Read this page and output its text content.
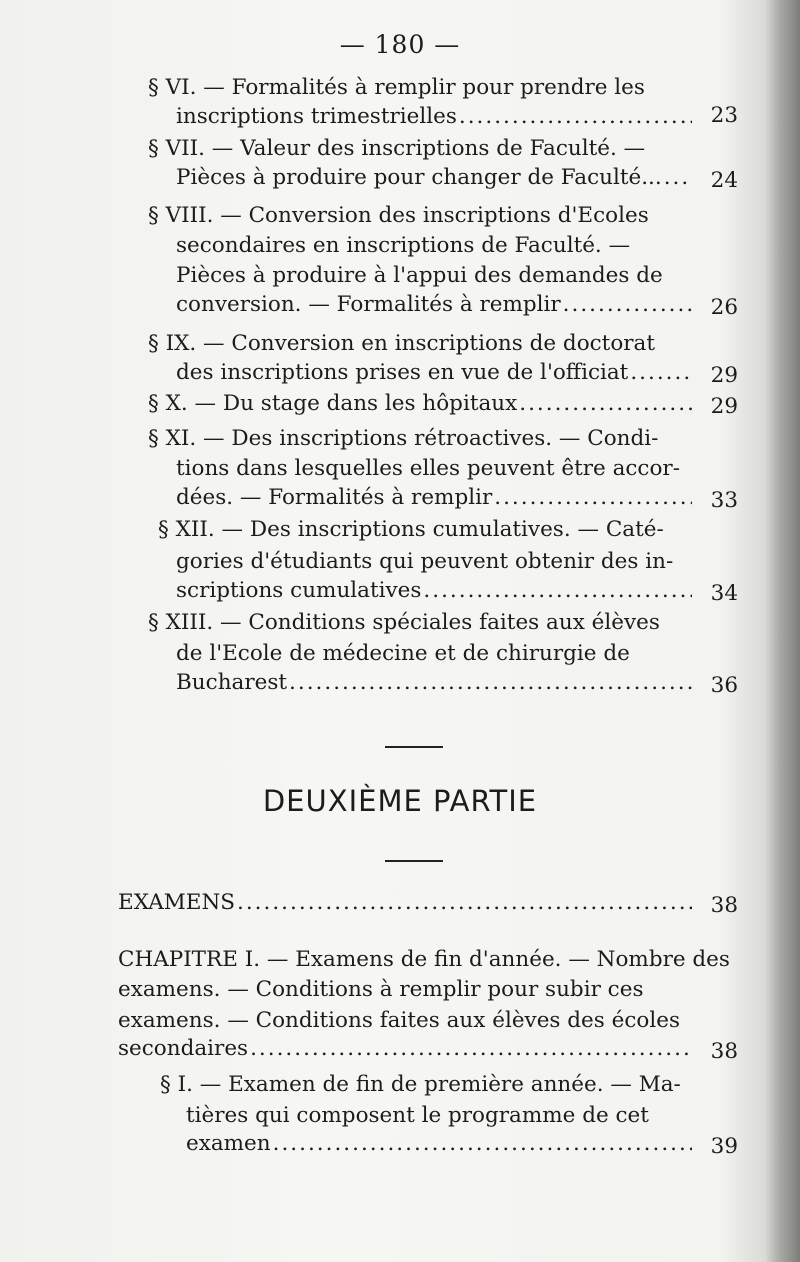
— 180 —
§ VI. — Formalités à remplir pour prendre les
inscriptions trimestrielles .....	23
§ VII. — Valeur des inscriptions de Faculté. —
Pièces à produire pour changer de Faculté... .....	24
§ VIII. — Conversion des inscriptions d'Ecoles
secondaires en inscriptions de Faculté. —
Pièces à produire à l'appui des demandes de
conversion. — Formalités à remplir .....	26
§ IX. — Conversion en inscriptions de doctorat
des inscriptions prises en vue de l'officiat .....	29
§ X. — Du stage dans les hôpitaux .....	29
§ XI. — Des inscriptions rétroactives. — Condi-
tions dans lesquelles elles peuvent être accor-
dées. — Formalités à remplir .....	33
§ XII. — Des inscriptions cumulatives. — Caté-
gories d'étudiants qui peuvent obtenir des in-
scriptions cumulatives .....	34
§ XIII. — Conditions spéciales faites aux élèves
de l'Ecole de médecine et de chirurgie de
Bucharest .....	36
DEUXIÈME PARTIE
EXAMENS .....	38
CHAPITRE I. — Examens de fin d'année. — Nombre des
examens. — Conditions à remplir pour subir ces
examens. — Conditions faites aux élèves des écoles
secondaires .....	38
§ I. — Examen de fin de première année. — Ma-
tières qui composent le programme de cet
examen .....	39
